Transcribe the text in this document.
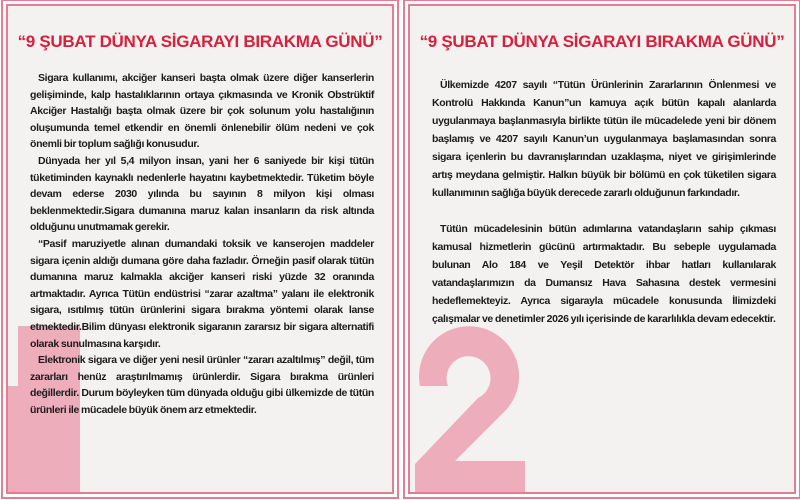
“9 ŞUBAT DÜNYA SİGARAYI BIRAKMA GÜNÜ”

Sigara kullanımı, akciğer kanseri başta olmak üzere diğer kanserlerin gelişiminde, kalp hastalıklarının ortaya çıkmasında ve Kronik Obstrüktif Akciğer Hastalığı başta olmak üzere bir çok solunum yolu hastalığının oluşumunda temel etkendir en önemli önlenebilir ölüm nedeni ve çok önemli bir toplum sağlığı konusudur.

Dünyada her yıl 5,4 milyon insan, yani her 6 saniyede bir kişi tütün tüketiminden kaynaklı nedenlerle hayatını kaybetmektedir. Tüketim böyle devam ederse 2030 yılında bu sayının 8 milyon kişi olması beklenmektedir.Sigara dumanına maruz kalan insanların da risk altında olduğunu unutmamak gerekir.

“Pasif maruziyetle alınan dumandaki toksik ve kanserojen maddeler sigara içenin aldığı dumana göre daha fazladır. Örneğin pasif olarak tütün dumanına maruz kalmakla akciğer kanseri riski yüzde 32 oranında artmaktadır. Ayrıca Tütün endüstrisi “zarar azaltma” yalanı ile elektronik sigara, ısıtılmış tütün ürünlerini sigara bırakma yöntemi olarak lanse etmektedir.Bilim dünyası elektronik sigaranın zararsız bir sigara alternatifi olarak sunulmasına karşıdır.

Elektronik sigara ve diğer yeni nesil ürünler “zararı azaltılmış” değil, tüm zararları henüz araştırılmamış ürünlerdir. Sigara bırakma ürünleri değillerdir. Durum böyleyken tüm dünyada olduğu gibi ülkemizde de tütün ürünleri ile mücadele büyük önem arz etmektedir.

“9 ŞUBAT DÜNYA SİGARAYI BIRAKMA GÜNÜ”

Ülkemizde 4207 sayılı “Tütün Ürünlerinin Zararlarının Önlenmesi ve Kontrolü Hakkında Kanun”un kamuya açık bütün kapalı alanlarda uygulanmaya başlanmasıyla birlikte tütün ile mücadelede yeni bir dönem başlamış ve 4207 sayılı Kanun’un uygulanmaya başlamasından sonra sigara içenlerin bu davranışlarından uzaklaşma, niyet ve girişimlerinde artış meydana gelmiştir. Halkın büyük bir bölümü en çok tüketilen sigara kullanımının sağlığa büyük derecede zararlı olduğunun farkındadır.

Tütün mücadelesinin bütün adımlarına vatandaşların sahip çıkması kamusal hizmetlerin gücünü artırmaktadır. Bu sebeple uygulamada bulunan Alo 184 ve Yeşil Detektör ihbar hatları kullanılarak vatandaşlarımızın da Dumansız Hava Sahasına destek vermesini hedeflemekteyiz. Ayrıca sigarayla mücadele konusunda İlimizdeki çalışmalar ve denetimler 2026 yılı içerisinde de kararlılıkla devam edecektir.
